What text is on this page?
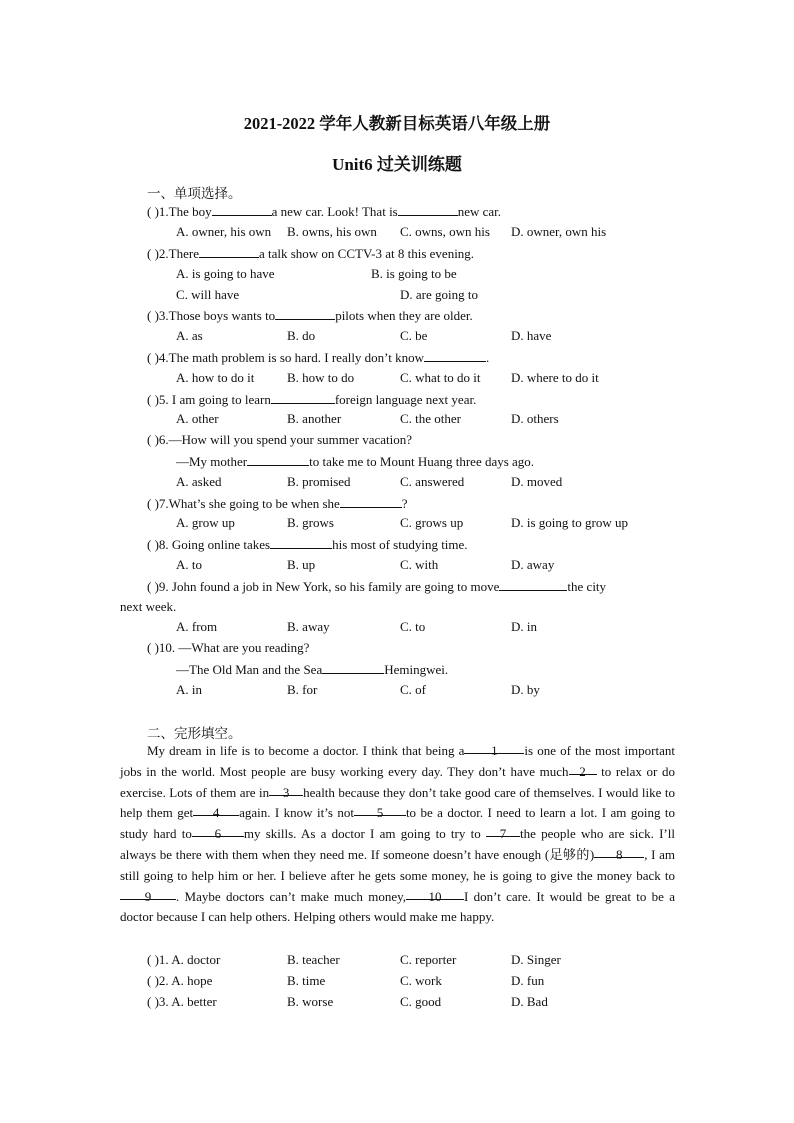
2021-2022 学年人教新目标英语八年级上册
Unit6 过关训练题
一、单项选择。
( )1.The boy	a new car. Look! That is	new car.
A. owner, his own B. owns, his own C. owns, own his D. owner, own his
( )2.There	a talk show on CCTV-3 at 8 this evening.
A. is going to have	B. is going to be
C. will have	D. are going to
( )3.Those boys wants to	pilots when they are older.
A. as	B. do	C. be	D. have
( )4.The math problem is so hard. I really don’t know	.
A. how to do it	B. how to do	C. what to do it D. where to do it
( )5. I am going to learn	foreign language next year.
A. other	B. another	C. the other	D. others
( )6.—How will you spend your summer vacation?
—My mother	to take me to Mount Huang three days ago.
A. asked	B. promised	C. answered	D. moved
( )7.What’s she going to be when she	?
A. grow up	B. grows	C. grows up	D. is going to grow up
( )8. Going online takes	his most of studying time.
A. to	B. up	C. with	D. away
( )9. John found a job in New York, so his family are going to move	the city
next week.
A. from	B. away	C. to	D. in
( )10. —What are you reading?
—The Old Man and the Sea	Hemingwei.
A. in	B. for	C. of	D. by
二、完形填空。
My dream in life is to become a doctor. I think that being a 1 is one of the most important jobs in the world. Most people are busy working every day. They don’t have much 2 to relax or do exercise. Lots of them are in 3 health because they don’t take good care of themselves. I would like to help them get 4 again. I know it’s not 5 to be a doctor. I need to learn a lot. I am going to study hard to 6 my skills. As a doctor I am going to try to 7 the people who are sick. I’ll always be there with them when they need me. If someone doesn’t have enough (足够的) 8 , I am still going to help him or her. I believe after he gets some money, he is going to give the money back to9 . Maybe doctors can’t make much money, 10 I don’t care. It would be great to be a doctor because I can help others. Helping others would make me happy.
( )1. A. doctor	B. teacher	C. reporter	D. Singer
( )2. A. hope	B. time	C. work	D. fun
( )3. A. better	B. worse	C. good	D. Bad
